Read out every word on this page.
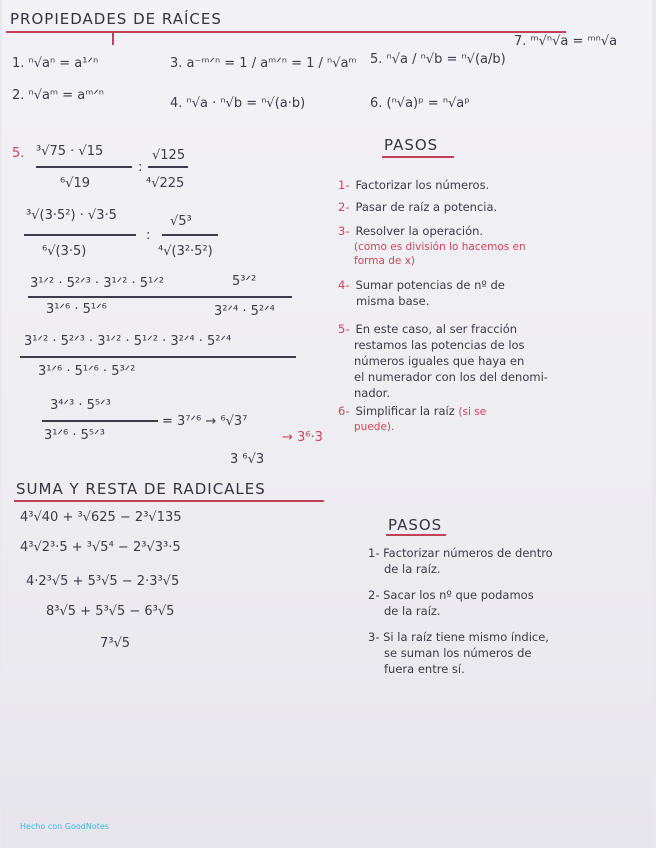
PROPIEDADES DE RAÍCES
1. ⁿ√aⁿ = a¹ᐟⁿ
2. ⁿ√aᵐ = aᵐᐟⁿ
3. a⁻ᵐᐟⁿ = 1 / aᵐᐟⁿ = 1 / ⁿ√aᵐ
4. ⁿ√a · ⁿ√b = ⁿ√(a·b)
5. ⁿ√a / ⁿ√b = ⁿ√(a/b)
6. (ⁿ√a)ᵖ = ⁿ√aᵖ
7. ᵐ√ⁿ√a = ᵐⁿ√a
5. ³√75 · √15
⁶√19
:
√125
⁴√225
³√(3·5²) · √3·5
⁶√(3·5)
:
√5³
⁴√(3²·5²)
3¹ᐟ² · 5²ᐟ³ · 3¹ᐟ² · 5¹ᐟ²
3¹ᐟ⁶ · 5¹ᐟ⁶
5³ᐟ²
3²ᐟ⁴ · 5²ᐟ⁴
3¹ᐟ² · 5²ᐟ³ · 3¹ᐟ² · 5¹ᐟ² · 3²ᐟ⁴ · 5²ᐟ⁴
3¹ᐟ⁶ · 5¹ᐟ⁶ · 5³ᐟ²
3⁴ᐟ³ · 5⁵ᐟ³
3¹ᐟ⁶ · 5⁵ᐟ³
= 3⁷ᐟ⁶ → ⁶√3⁷
→ 3⁶·3
3 ⁶√3
PASOS
1- Factorizar los números.
2- Pasar de raíz a potencia.
3- Resolver la operación.
(como es división lo hacemos en
forma de x)
4- Sumar potencias de nº de
misma base.
5- En este caso, al ser fracción
restamos las potencias de los
números iguales que haya en
el numerador con los del denomi-
nador.
6- Simplificar la raíz (si se
puede).
SUMA Y RESTA DE RADICALES
4³√40 + ³√625 − 2³√135
4³√2³·5 + ³√5⁴ − 2³√3³·5
4·2³√5 + 5³√5 − 2·3³√5
8³√5 + 5³√5 − 6³√5
7³√5
PASOS
1- Factorizar números de dentro
de la raíz.
2- Sacar los nº que podamos
de la raíz.
3- Si la raíz tiene mismo índice,
se suman los números de
fuera entre sí.
Hecho con GoodNotes
